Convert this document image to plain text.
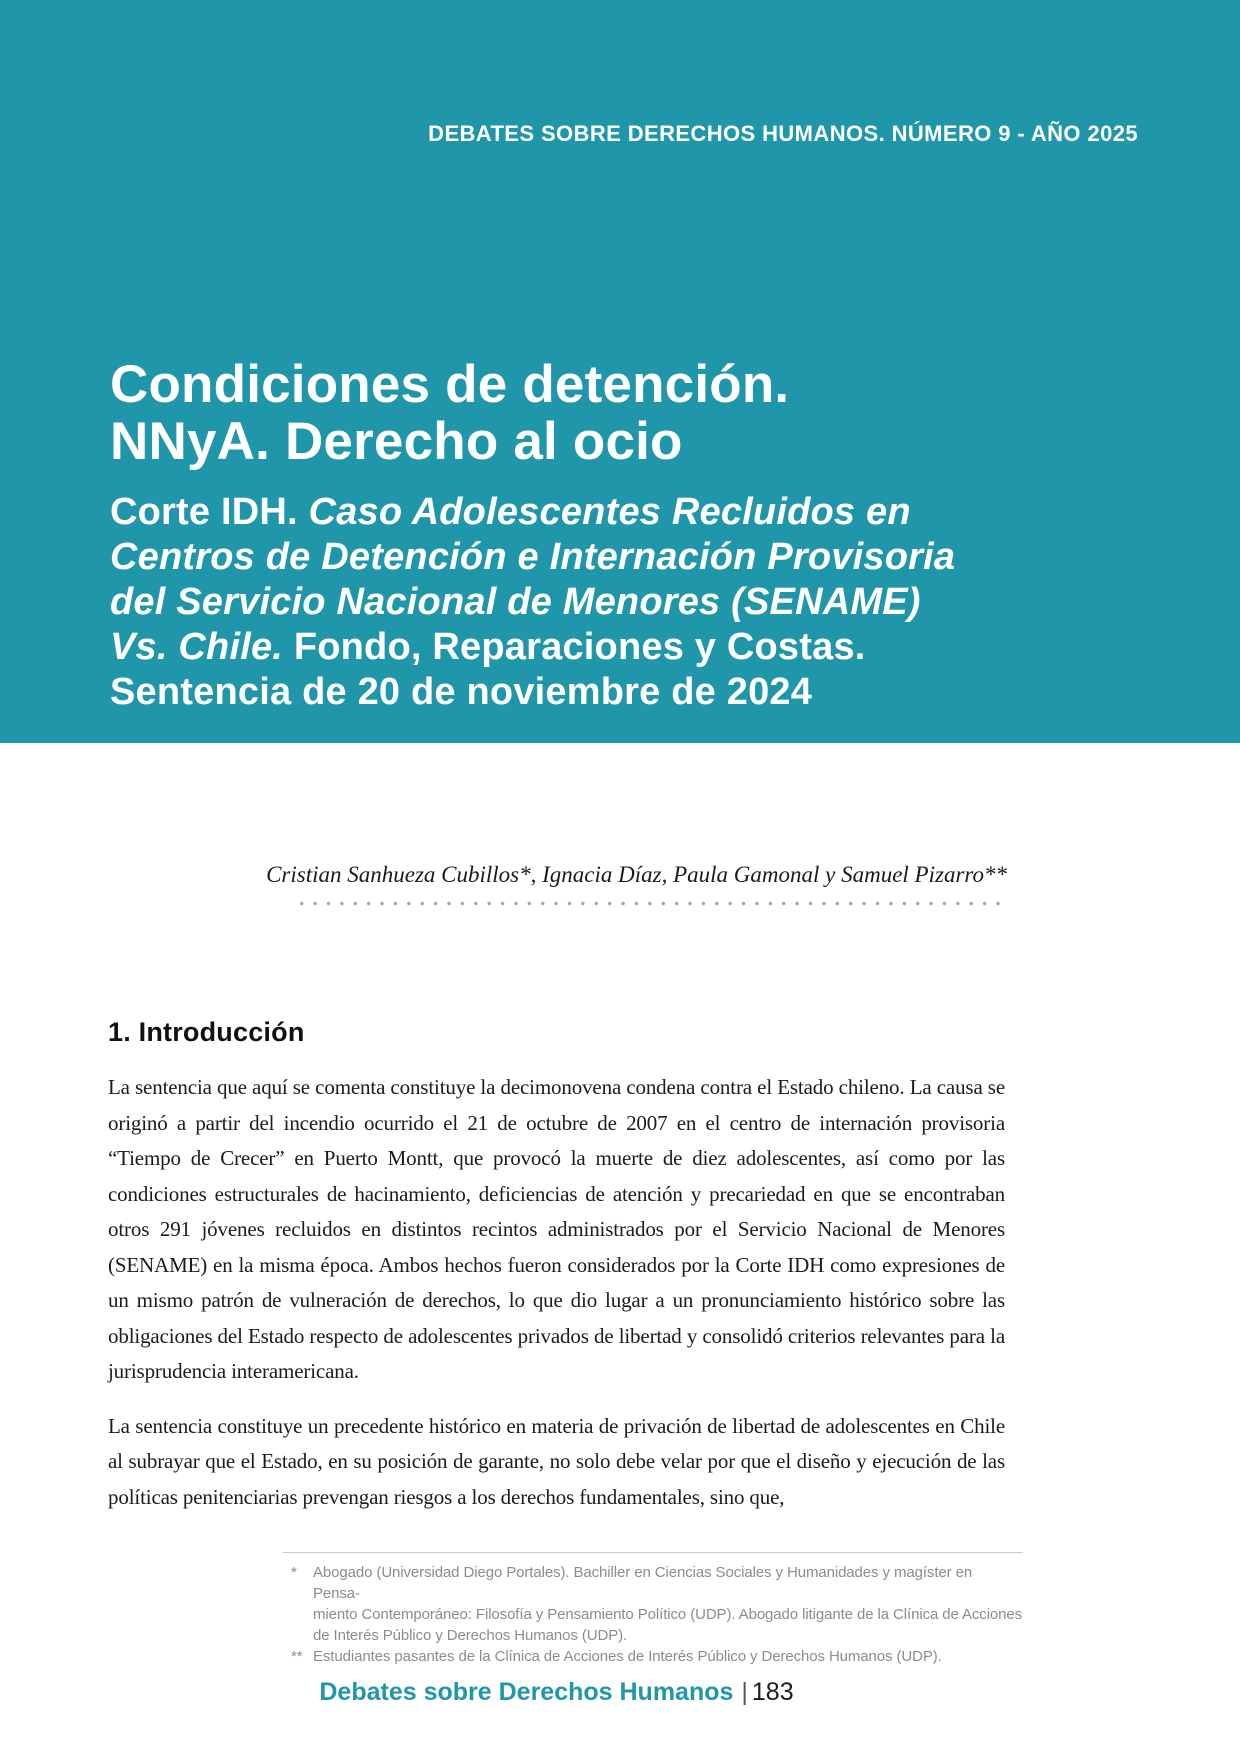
DEBATES SOBRE DERECHOS HUMANOS. NÚMERO 9 - AÑO 2025
Condiciones de detención.
NNyA. Derecho al ocio
Corte IDH. Caso Adolescentes Recluidos en
Centros de Detención e Internación Provisoria
del Servicio Nacional de Menores (SENAME)
Vs. Chile. Fondo, Reparaciones y Costas.
Sentencia de 20 de noviembre de 2024
Cristian Sanhueza Cubillos*, Ignacia Díaz, Paula Gamonal y Samuel Pizarro**
1. Introducción

La sentencia que aquí se comenta constituye la decimonovena condena contra el Estado chileno. La causa se originó a partir del incendio ocurrido el 21 de octubre de 2007 en el centro de internación provisoria “Tiempo de Crecer” en Puerto Montt, que provocó la muerte de diez adolescentes, así como por las condiciones estructurales de hacinamiento, deficiencias de atención y precariedad en que se encontraban otros 291 jóvenes recluidos en distintos recintos administrados por el Servicio Nacional de Menores (SENAME) en la misma época. Ambos hechos fueron considerados por la Corte IDH como expresiones de un mismo patrón de vulneración de derechos, lo que dio lugar a un pronunciamiento histórico sobre las obligaciones del Estado respecto de adolescentes privados de libertad y consolidó criterios relevantes para la jurisprudencia interamericana.

La sentencia constituye un precedente histórico en materia de privación de libertad de adolescentes en Chile al subrayar que el Estado, en su posición de garante, no solo debe velar por que el diseño y ejecución de las políticas penitenciarias prevengan riesgos a los derechos fundamentales, sino que,

*	Abogado (Universidad Diego Portales). Bachiller en Ciencias Sociales y Humanidades y magíster en Pensa-
miento Contemporáneo: Filosofía y Pensamiento Político (UDP). Abogado litigante de la Clínica de Acciones
de Interés Público y Derechos Humanos (UDP).
** Estudiantes pasantes de la Clínica de Acciones de Interés Público y Derechos Humanos (UDP).
Debates sobre Derechos Humanos | 183
